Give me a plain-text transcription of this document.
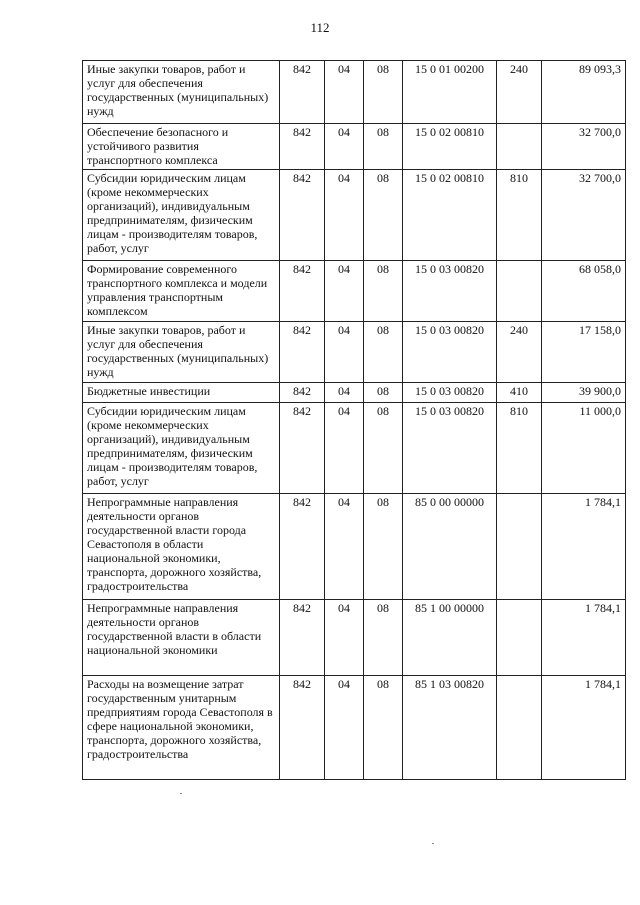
112
Иные закупки товаров, работ и услуг для обеспечения государственных (муниципальных) нужд	842	04	08	15 0 01 00200	240	89 093,3
Обеспечение безопасного и устойчивого развития транспортного комплекса	842	04	08	15 0 02 00810		32 700,0
Субсидии юридическим лицам (кроме некоммерческих организаций), индивидуальным предпринимателям, физическим лицам - производителям товаров, работ, услуг	842	04	08	15 0 02 00810	810	32 700,0
Формирование современного транспортного комплекса и модели управления транспортным комплексом	842	04	08	15 0 03 00820		68 058,0
Иные закупки товаров, работ и услуг для обеспечения государственных (муниципальных) нужд	842	04	08	15 0 03 00820	240	17 158,0
Бюджетные инвестиции	842	04	08	15 0 03 00820	410	39 900,0
Субсидии юридическим лицам (кроме некоммерческих организаций), индивидуальным предпринимателям, физическим лицам - производителям товаров, работ, услуг	842	04	08	15 0 03 00820	810	11 000,0
Непрограммные направления деятельности органов государственной власти города Севастополя в области национальной экономики, транспорта, дорожного хозяйства, градостроительства	842	04	08	85 0 00 00000		1 784,1
Непрограммные направления деятельности органов государственной власти в области национальной экономики	842	04	08	85 1 00 00000		1 784,1
Расходы на возмещение затрат государственным унитарным предприятиям города Севастополя в сфере национальной экономики, транспорта, дорожного хозяйства, градостроительства	842	04	08	85 1 03 00820		1 784,1
